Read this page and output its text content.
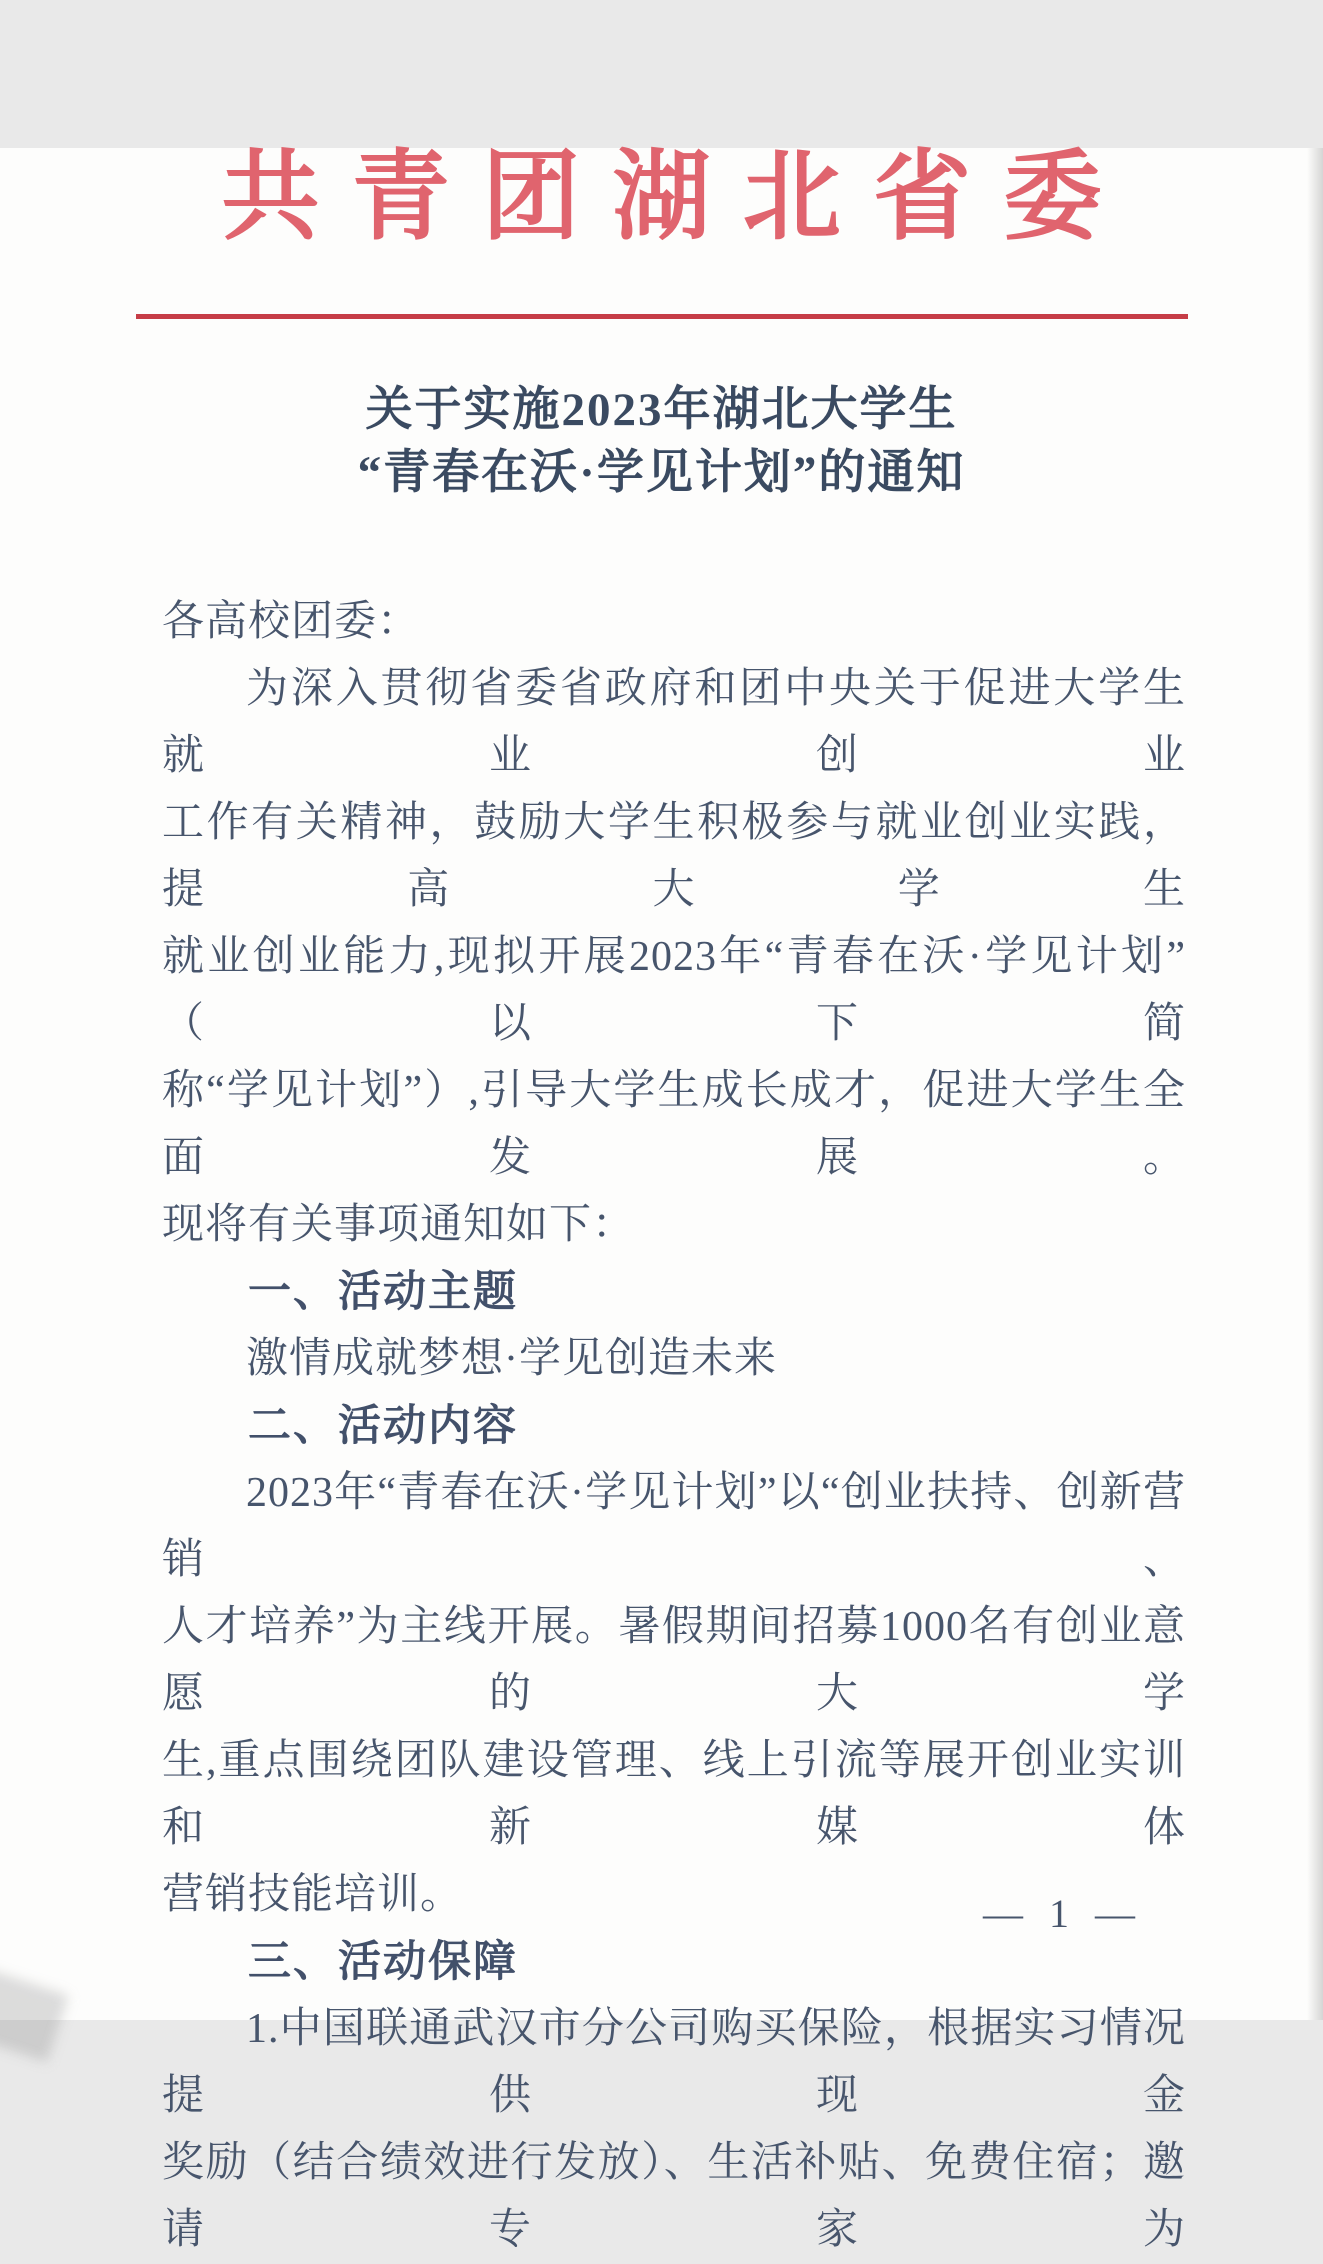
共青团湖北省委
关于实施2023年湖北大学生
“青春在沃·学见计划”的通知
各高校团委：
为深入贯彻省委省政府和团中央关于促进大学生就业创业
工作有关精神，鼓励大学生积极参与就业创业实践，提高大学生
就业创业能力,现拟开展2023年“青春在沃·学见计划”（以下简
称“学见计划”）,引导大学生成长成才，促进大学生全面发展。
现将有关事项通知如下：
一、活动主题
激情成就梦想·学见创造未来
二、活动内容
2023年“青春在沃·学见计划”以“创业扶持、创新营销、
人才培养”为主线开展。暑假期间招募1000名有创业意愿的大学
生,重点围绕团队建设管理、线上引流等展开创业实训和新媒体
营销技能培训。
三、活动保障
1.中国联通武汉市分公司购买保险，根据实习情况提供现金
奖励（结合绩效进行发放）、生活补贴、免费住宿；邀请专家为
— 1 —
